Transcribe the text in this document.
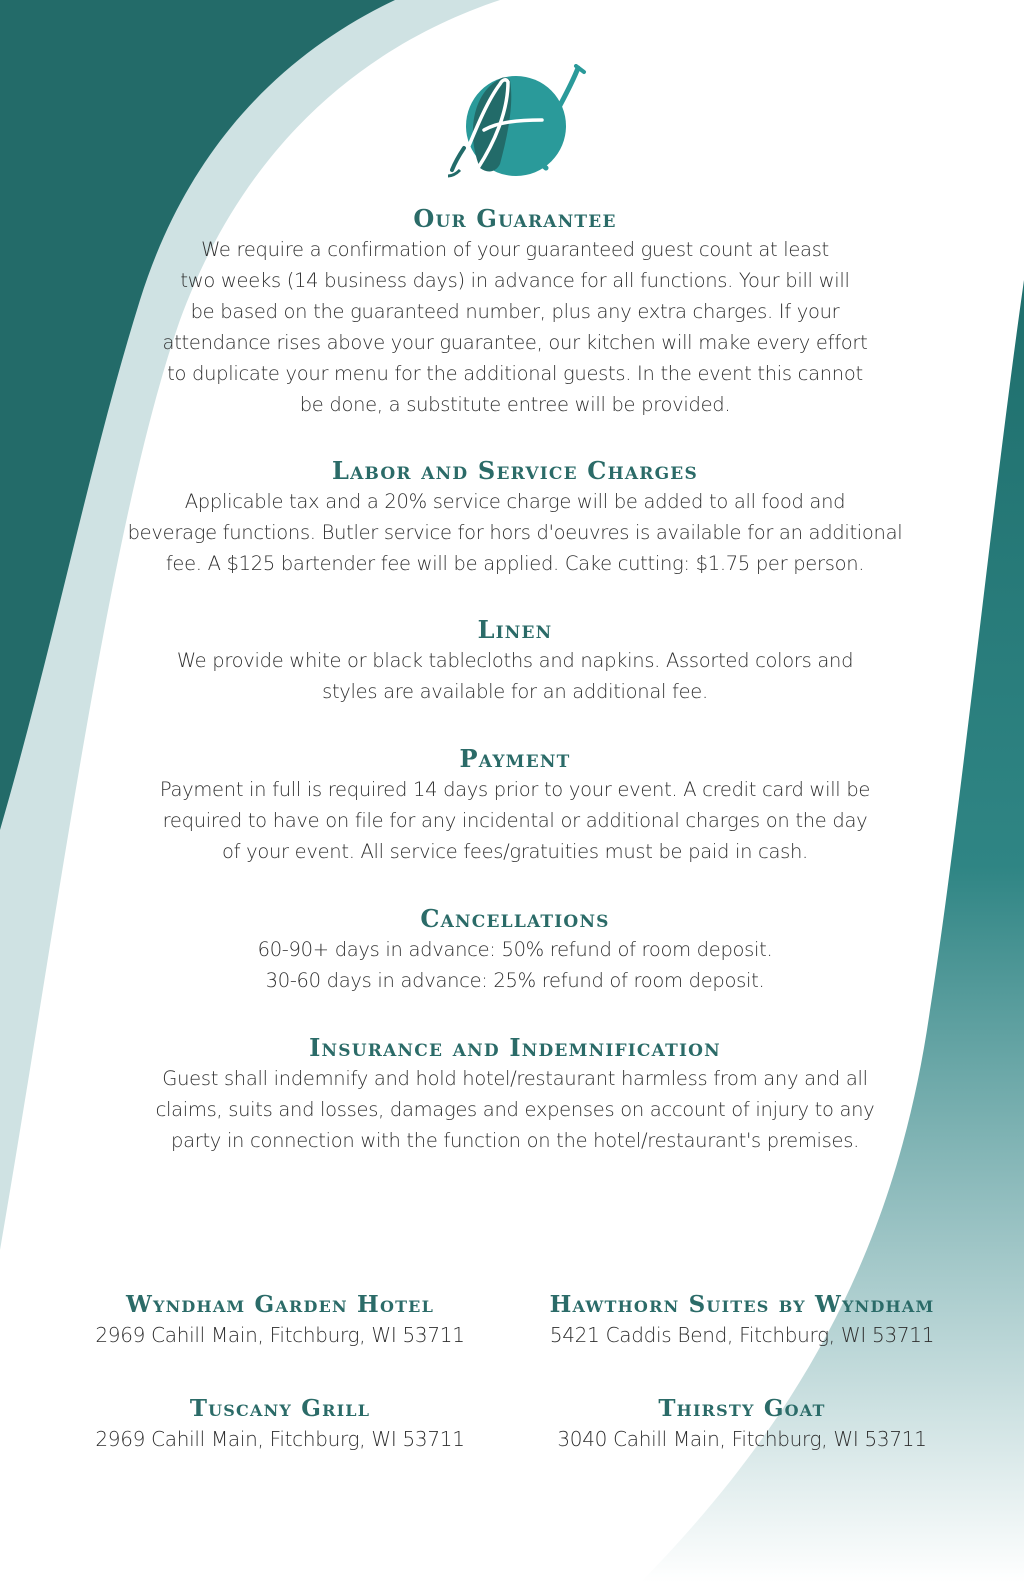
Our Guarantee

We require a confirmation of your guaranteed guest count at least
two weeks (14 business days) in advance for all functions. Your bill will
be based on the guaranteed number, plus any extra charges. If your
attendance rises above your guarantee, our kitchen will make every effort
to duplicate your menu for the additional guests. In the event this cannot
be done, a substitute entree will be provided.

Labor and Service Charges

Applicable tax and a 20% service charge will be added to all food and
beverage functions. Butler service for hors d'oeuvres is available for an additional
fee. A $125 bartender fee will be applied. Cake cutting: $1.75 per person.

Linen

We provide white or black tablecloths and napkins. Assorted colors and
styles are available for an additional fee.

Payment

Payment in full is required 14 days prior to your event. A credit card will be
required to have on file for any incidental or additional charges on the day
of your event. All service fees/gratuities must be paid in cash.

Cancellations

60-90+ days in advance: 50% refund of room deposit.
30-60 days in advance: 25% refund of room deposit.

Insurance and Indemnification

Guest shall indemnify and hold hotel/restaurant harmless from any and all
claims, suits and losses, damages and expenses on account of injury to any
party in connection with the function on the hotel/restaurant's premises.

Wyndham Garden Hotel

2969 Cahill Main, Fitchburg, WI 53711

Hawthorn Suites by Wyndham

5421 Caddis Bend, Fitchburg, WI 53711

Tuscany Grill

2969 Cahill Main, Fitchburg, WI 53711

Thirsty Goat

3040 Cahill Main, Fitchburg, WI 53711
